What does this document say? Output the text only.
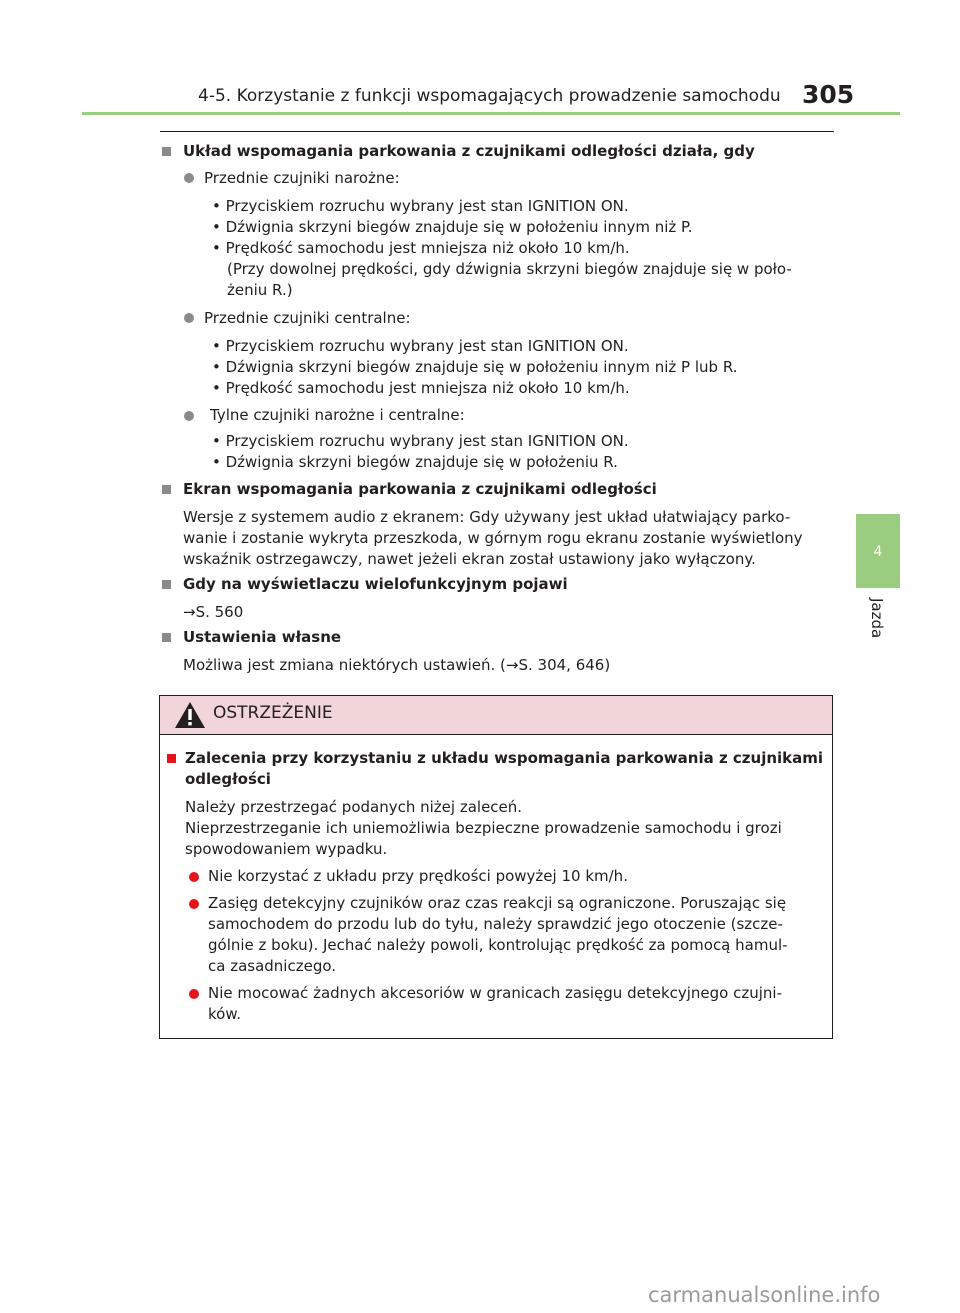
4-5. Korzystanie z funkcji wspomagających prowadzenie samochodu 305
4
Jazda
Układ wspomagania parkowania z czujnikami odległości działa, gdy
Przednie czujniki narożne:
• Przyciskiem rozruchu wybrany jest stan IGNITION ON.
• Dźwignia skrzyni biegów znajduje się w położeniu innym niż P.
• Prędkość samochodu jest mniejsza niż około 10 km/h.
(Przy dowolnej prędkości, gdy dźwignia skrzyni biegów znajduje się w poło-
żeniu R.)
Przednie czujniki centralne:
• Przyciskiem rozruchu wybrany jest stan IGNITION ON.
• Dźwignia skrzyni biegów znajduje się w położeniu innym niż P lub R.
• Prędkość samochodu jest mniejsza niż około 10 km/h.
Tylne czujniki narożne i centralne:
• Przyciskiem rozruchu wybrany jest stan IGNITION ON.
• Dźwignia skrzyni biegów znajduje się w położeniu R.
Ekran wspomagania parkowania z czujnikami odległości
Wersje z systemem audio z ekranem: Gdy używany jest układ ułatwiający parko-
wanie i zostanie wykryta przeszkoda, w górnym rogu ekranu zostanie wyświetlony
wskaźnik ostrzegawczy, nawet jeżeli ekran został ustawiony jako wyłączony.
Gdy na wyświetlaczu wielofunkcyjnym pojawi
→S. 560
Ustawienia własne
Możliwa jest zmiana niektórych ustawień. (→S. 304, 646)
OSTRZEŻENIE
Zalecenia przy korzystaniu z układu wspomagania parkowania z czujnikami
odległości
Należy przestrzegać podanych niżej zaleceń.
Nieprzestrzeganie ich uniemożliwia bezpieczne prowadzenie samochodu i grozi
spowodowaniem wypadku.
Nie korzystać z układu przy prędkości powyżej 10 km/h.
Zasięg detekcyjny czujników oraz czas reakcji są ograniczone. Poruszając się
samochodem do przodu lub do tyłu, należy sprawdzić jego otoczenie (szcze-
gólnie z boku). Jechać należy powoli, kontrolując prędkość za pomocą hamul-
ca zasadniczego.
Nie mocować żadnych akcesoriów w granicach zasięgu detekcyjnego czujni-
ków.
carmanualsonline.info
